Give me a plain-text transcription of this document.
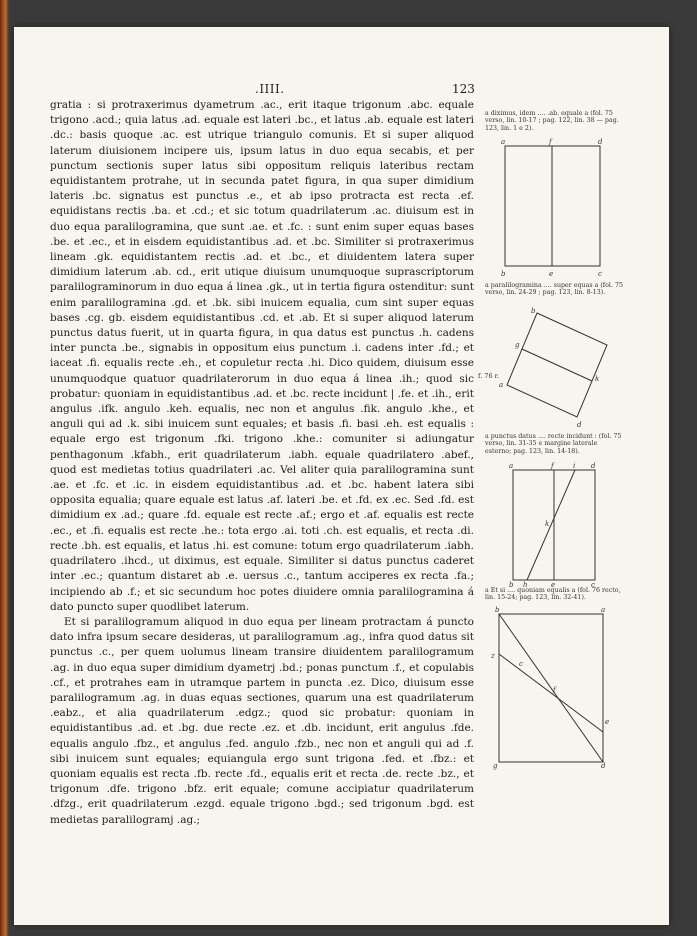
.IIII.	123

gratia : si protraxerimus dyametrum .ac., erit itaque trigonum .abc. equale trigono .acd.; quia latus .ad. equale est lateri .bc., et latus .ab. equale est lateri .dc.: basis quoque .ac. est utrique triangulo comunis. Et si super aliquod laterum diuisionem incipere uis, ipsum latus in duo equa secabis, et per punctum sectionis super latus sibi oppositum reliquis lateribus rectam equidistantem protrahe, ut in secunda patet figura, in qua super dimidium lateris .bc. signatus est punctus .e., et ab ipso protracta est recta .ef. equidistans rectis .ba. et .cd.; et sic totum quadrilaterum .ac. diuisum est in duo equa paralilogramina, que sunt .ae. et .fc. : sunt enim super equas bases .be. et .ec., et in eisdem equidistantibus .ad. et .bc. Similiter si protraxerimus lineam .gk. equidistantem rectis .ad. et .bc., et diuidentem latera super dimidium laterum .ab. cd., erit utique diuisum unumquoque suprascriptorum paralilograminorum in duo equa á linea .gk., ut in tertia figura ostenditur: sunt enim paralilogramina .gd. et .bk. sibi inuicem equalia, cum sint super equas bases .cg. gb. eisdem equidistantibus .cd. et .ab. Et si super aliquod laterum punctus datus fuerit, ut in quarta figura, in qua datus est punctus .h. cadens inter puncta .be., signabis in oppositum eius punctum .i. cadens inter .fd.; et iaceat .fi. equalis recte .eh., et copuletur recta .hi. Dico quidem, diuisum esse unumquodque quatuor quadrilaterorum in duo equa á linea .ih.; quod sic probatur: quoniam in equidistantibus .ad. et .bc. recte incidunt | .fe. et .ih., erit angulus .ifk. angulo .keh. equalis, nec non et angulus .fik. angulo .khe., et anguli qui ad .k. sibi inuicem sunt equales; et basis .fi. basi .eh. est equalis : equale ergo est trigonum .fki. trigono .khe.: comuniter si adiungatur penthagonum .kfabh., erit quadrilaterum .iabh. equale quadrilatero .abef., quod est medietas totius quadrilateri .ac. Vel aliter quia paralilogramina sunt .ae. et .fc. et .ic. in eisdem equidistantibus .ad. et .bc. habent latera sibi opposita equalia; quare equale est latus .af. lateri .be. et .fd. ex .ec. Sed .fd. est dimidium ex .ad.; quare .fd. equale est recte .af.; ergo et .af. equalis est recte .ec., et .fi. equalis est recte .he.: tota ergo .ai. toti .ch. est equalis, et recta .di. recte .bh. est equalis, et latus .hi. est comune: totum ergo quadrilaterum .iabh. quadrilatero .ihcd., ut diximus, est equale. Similiter si datus punctus caderet inter .ec.; quantum distaret ab .e. uersus .c., tantum acciperes ex recta .fa.; incipiendo ab .f.; et sic secundum hoc potes diuidere omnia paralilogramina á dato puncto super quodlibet laterum.

Et si paralilogramum aliquod in duo equa per lineam protractam á puncto dato infra ipsum secare desideras, ut paralilogramum .ag., infra quod datus sit punctus .c., per quem uolumus lineam transire diuidentem paralilogramum .ag. in duo equa super dimidium dyametrj .bd.; ponas punctum .f., et copulabis .cf., et protrahes eam in utramque partem in puncta .ez. Dico, diuisum esse paralilogramum .ag. in duas equas sectiones, quarum una est quadrilaterum .eabz., et alia quadrilaterum .edgz.; quod sic probatur: quoniam in equidistantibus .ad. et .bg. due recte .ez. et .db. incidunt, erit angulus .fde. equalis angulo .fbz., et angulus .fed. angulo .fzb., nec non et anguli qui ad .f. sibi inuicem sunt equales; equiangula ergo sunt trigona .fed. et .fbz.: et quoniam equalis est recta .fb. recte .fd., equalis erit et recta .de. recte .bz., et trigonum .dfe. trigono .bfz. erit equale; comune accipiatur quadrilaterum .dfzg., erit quadrilaterum .ezgd. equale trigono .bgd.; sed trigonum .bgd. est medietas paralilogramj .ag.;

a diximus, idem .... .ab. equale a (fol. 75 verso, lin. 10-17 ; pag. 122, lin. 38 — pag. 123, lin. 1 e 2).
a	f	d
b	e	c
a paralilogramina .... super equas a (fol. 75 verso, lin. 24-29 ; pag. 123, lin. 8-13).
b
g
k
a
d
f. 76 r.
a punctus datus .... recte incidunt : (fol. 75 verso, lin. 31-35 e margine laterale esterno; pag. 123, lin. 14-18).
a	f	i d
k
b h	e	c
a Et si .... quoniam equalis a (fol. 76 recto, lin. 15-24; pag. 123, lin. 32-41).
b	a
z
c
f
e
g	d
